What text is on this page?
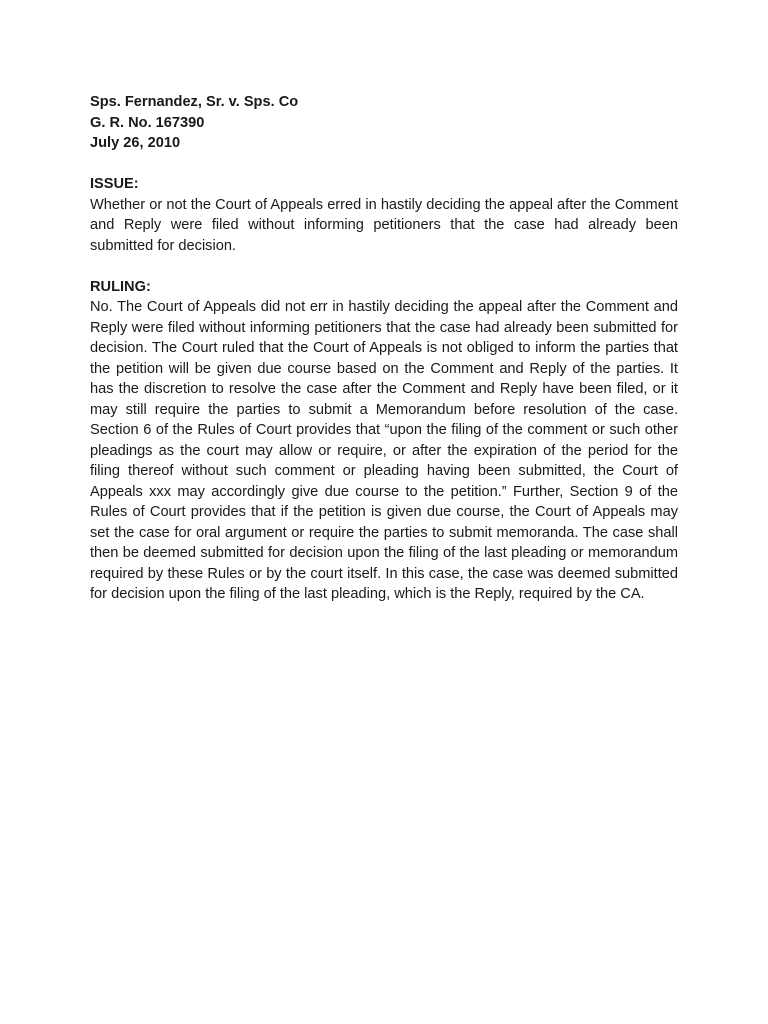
Sps. Fernandez, Sr. v. Sps. Co
G. R. No. 167390
July 26, 2010
ISSUE:

Whether or not the Court of Appeals erred in hastily deciding the appeal after the Comment and Reply were filed without informing petitioners that the case had already been submitted for decision.

RULING:

No. The Court of Appeals did not err in hastily deciding the appeal after the Comment and Reply were filed without informing petitioners that the case had already been submitted for decision. The Court ruled that the Court of Appeals is not obliged to inform the parties that the petition will be given due course based on the Comment and Reply of the parties. It has the discretion to resolve the case after the Comment and Reply have been filed, or it may still require the parties to submit a Memorandum before resolution of the case. Section 6 of the Rules of Court provides that “upon the filing of the comment or such other pleadings as the court may allow or require, or after the expiration of the period for the filing thereof without such comment or pleading having been submitted, the Court of Appeals xxx may accordingly give due course to the petition.” Further, Section 9 of the Rules of Court provides that if the petition is given due course, the Court of Appeals may set the case for oral argument or require the parties to submit memoranda. The case shall then be deemed submitted for decision upon the filing of the last pleading or memorandum required by these Rules or by the court itself. In this case, the case was deemed submitted for decision upon the filing of the last pleading, which is the Reply, required by the CA.
